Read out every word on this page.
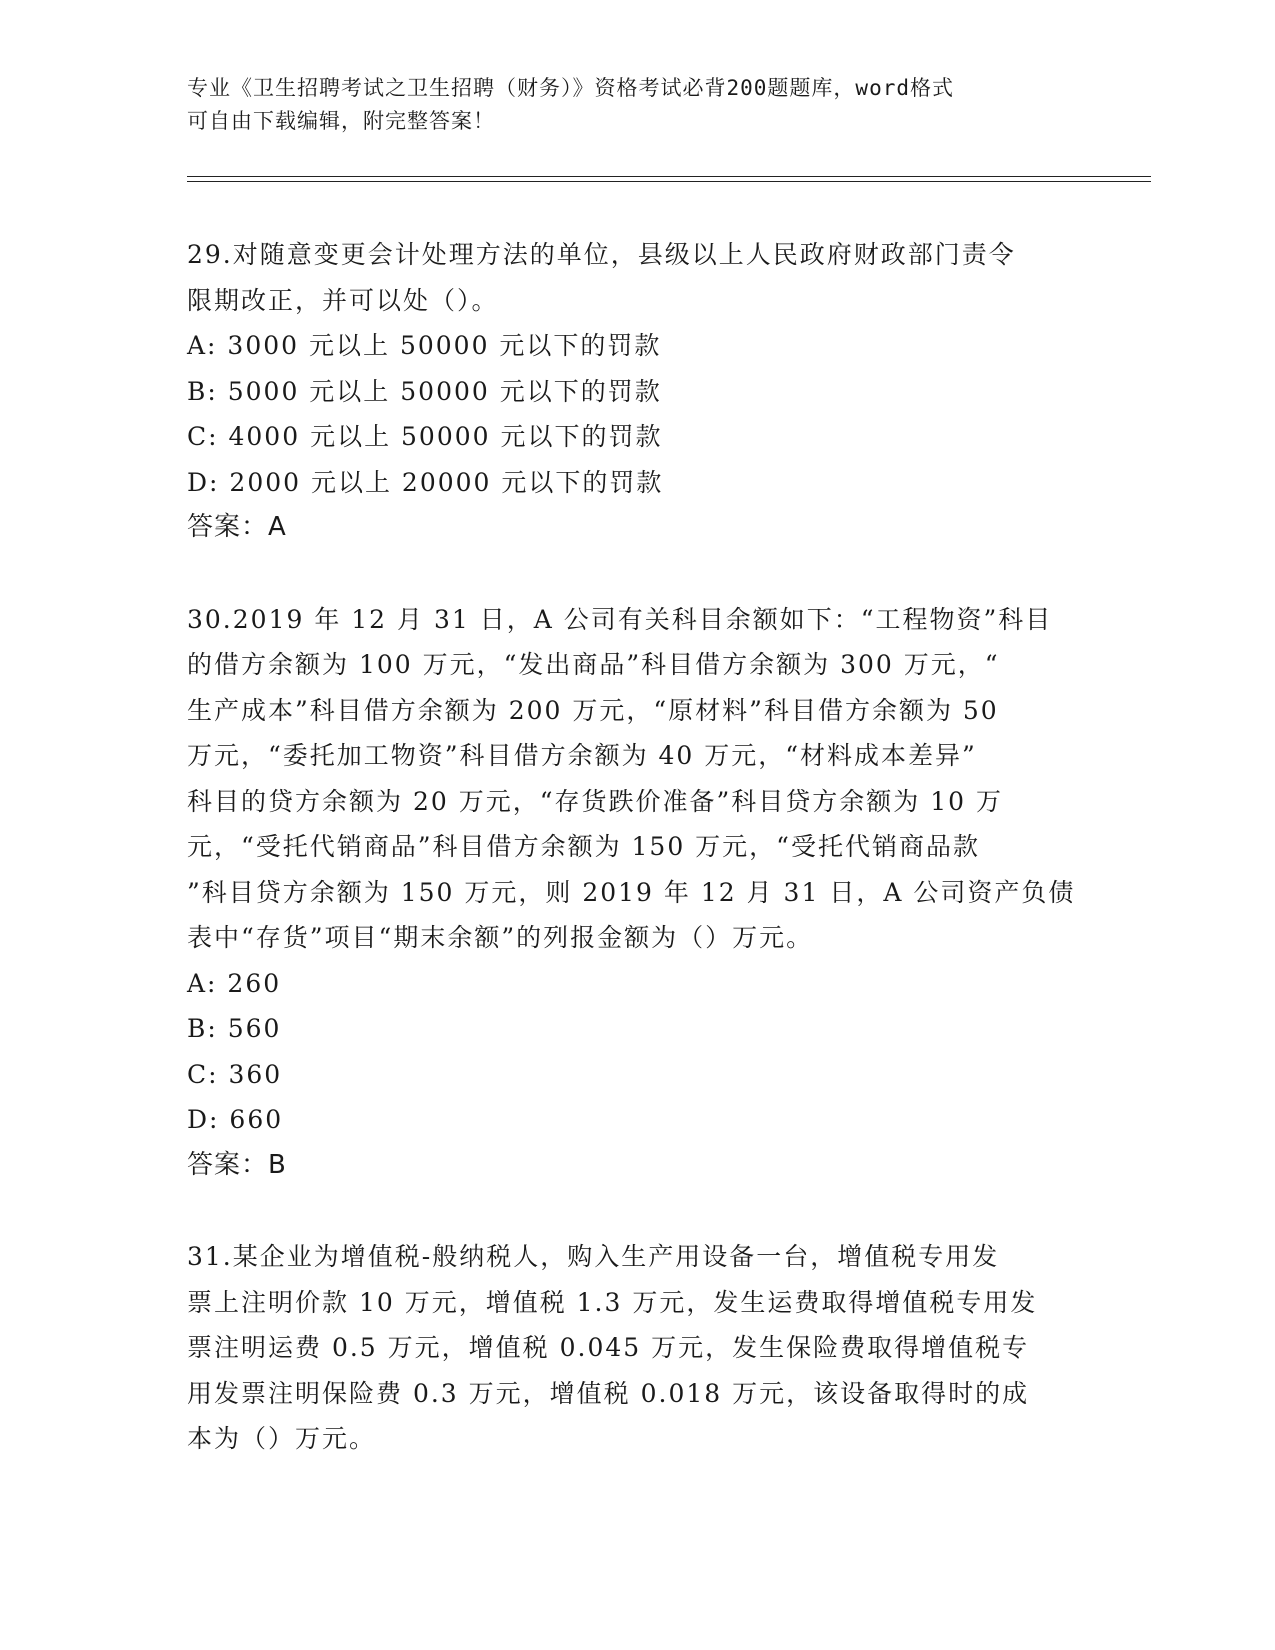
专业《卫生招聘考试之卫生招聘（财务）》资格考试必背200题题库，word格式
可自由下载编辑，附完整答案！
29.对随意变更会计处理方法的单位，县级以上人民政府财政部门责令
限期改正，并可以处（）。
A: 3000 元以上 50000 元以下的罚款
B: 5000 元以上 50000 元以下的罚款
C: 4000 元以上 50000 元以下的罚款
D: 2000 元以上 20000 元以下的罚款
答案：A
30.2019 年 12 月 31 日，A 公司有关科目余额如下：“工程物资”科目
的借方余额为 100 万元，“发出商品”科目借方余额为 300 万元，“
生产成本”科目借方余额为 200 万元，“原材料”科目借方余额为 50
万元，“委托加工物资”科目借方余额为 40 万元，“材料成本差异”
科目的贷方余额为 20 万元，“存货跌价准备”科目贷方余额为 10 万
元，“受托代销商品”科目借方余额为 150 万元，“受托代销商品款
”科目贷方余额为 150 万元，则 2019 年 12 月 31 日，A 公司资产负债
表中“存货”项目“期末余额”的列报金额为（）万元。
A: 260
B: 560
C: 360
D: 660
答案：B
31.某企业为增值税-般纳税人，购入生产用设备一台，增值税专用发
票上注明价款 10 万元，增值税 1.3 万元，发生运费取得增值税专用发
票注明运费 0.5 万元，增值税 0.045 万元，发生保险费取得增值税专
用发票注明保险费 0.3 万元，增值税 0.018 万元，该设备取得时的成
本为（）万元。
